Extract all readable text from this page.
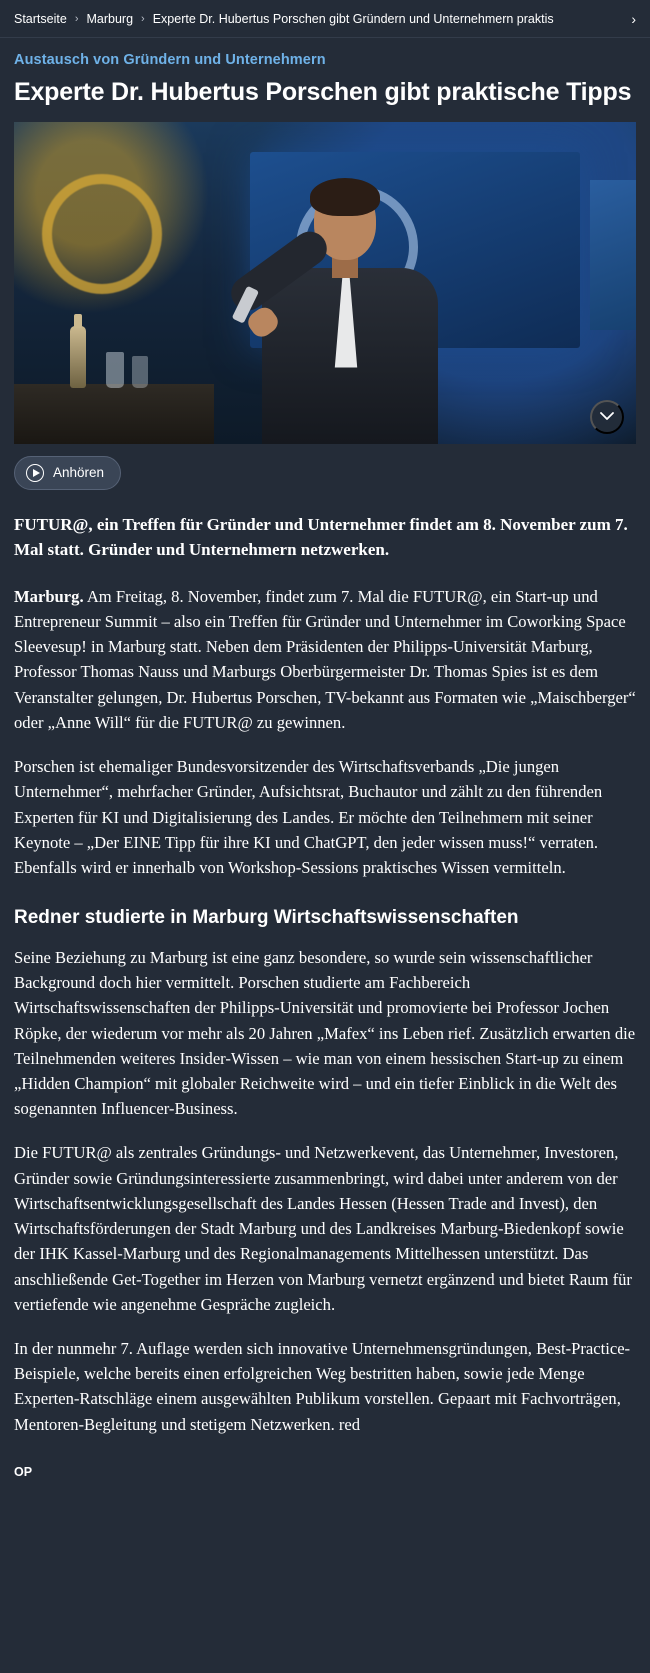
Startseite › Marburg › Experte Dr. Hubertus Porschen gibt Gründern und Unternehmern praktis	›
Austausch von Gründern und Unternehmern
Experte Dr. Hubertus Porschen gibt praktische Tipps
Anhören

FUTUR@, ein Treffen für Gründer und Unternehmer findet am 8. November zum 7. Mal statt. Gründer und Unternehmern netzwerken.

Marburg. Am Freitag, 8. November, findet zum 7. Mal die FUTUR@, ein Start-up und Entrepreneur Summit – also ein Treffen für Gründer und Unternehmer im Coworking Space Sleevesup! in Marburg statt. Neben dem Präsidenten der Philipps-Universität Marburg, Professor Thomas Nauss und Marburgs Oberbürgermeister Dr. Thomas Spies ist es dem Veranstalter gelungen, Dr. Hubertus Porschen, TV-bekannt aus Formaten wie „Maischberger“ oder „Anne Will“ für die FUTUR@ zu gewinnen.

Porschen ist ehemaliger Bundesvorsitzender des Wirtschaftsverbands „Die jungen Unternehmer“, mehrfacher Gründer, Aufsichtsrat, Buchautor und zählt zu den führenden Experten für KI und Digitalisierung des Landes. Er möchte den Teilnehmern mit seiner Keynote – „Der EINE Tipp für ihre KI und ChatGPT, den jeder wissen muss!“ verraten. Ebenfalls wird er innerhalb von Workshop-Sessions praktisches Wissen vermitteln.

Redner studierte in Marburg Wirtschaftswissenschaften

Seine Beziehung zu Marburg ist eine ganz besondere, so wurde sein wissenschaftlicher Background doch hier vermittelt. Porschen studierte am Fachbereich Wirtschaftswissenschaften der Philipps-Universität und promovierte bei Professor Jochen Röpke, der wiederum vor mehr als 20 Jahren „Mafex“ ins Leben rief. Zusätzlich erwarten die Teilnehmenden weiteres Insider-Wissen – wie man von einem hessischen Start-up zu einem „Hidden Champion“ mit globaler Reichweite wird – und ein tiefer Einblick in die Welt des sogenannten Influencer-Business.

Die FUTUR@ als zentrales Gründungs- und Netzwerkevent, das Unternehmer, Investoren, Gründer sowie Gründungsinteressierte zusammenbringt, wird dabei unter anderem von der Wirtschaftsentwicklungsgesellschaft des Landes Hessen (Hessen Trade and Invest), den Wirtschaftsförderungen der Stadt Marburg und des Landkreises Marburg-Biedenkopf sowie der IHK Kassel-Marburg und des Regionalmanagements Mittelhessen unterstützt. Das anschließende Get-Together im Herzen von Marburg vernetzt ergänzend und bietet Raum für vertiefende wie angenehme Gespräche zugleich.

In der nunmehr 7. Auflage werden sich innovative Unternehmensgründungen, Best-Practice-Beispiele, welche bereits einen erfolgreichen Weg bestritten haben, sowie jede Menge Experten-Ratschläge einem ausgewählten Publikum vorstellen. Gepaart mit Fachvorträgen, Mentoren-Begleitung und stetigem Netzwerken. red

OP
